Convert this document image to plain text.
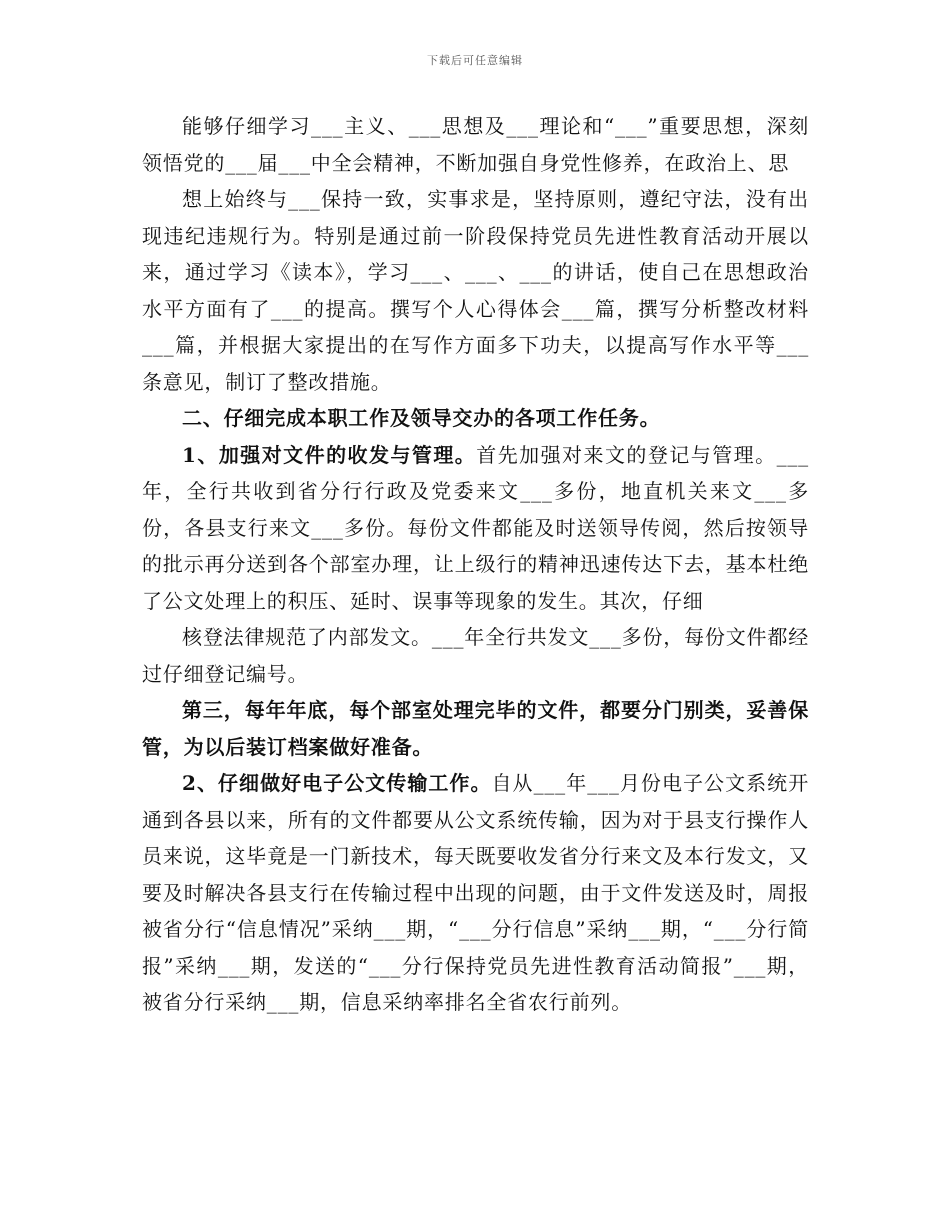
下载后可任意编辑

能够仔细学习___主义、___思想及___理论和“___”重要思想，深刻领悟党的___届___中全会精神，不断加强自身党性修养，在政治上、思

想上始终与___保持一致，实事求是，坚持原则，遵纪守法，没有出现违纪违规行为。特别是通过前一阶段保持党员先进性教育活动开展以来，通过学习《读本》，学习___、___、___的讲话，使自己在思想政治水平方面有了___的提高。撰写个人心得体会___篇，撰写分析整改材料___篇，并根据大家提出的在写作方面多下功夫，以提高写作水平等___条意见，制订了整改措施。

二、仔细完成本职工作及领导交办的各项工作任务。

1、加强对文件的收发与管理。首先加强对来文的登记与管理。___年，全行共收到省分行行政及党委来文___多份，地直机关来文___多份，各县支行来文___多份。每份文件都能及时送领导传阅，然后按领导的批示再分送到各个部室办理，让上级行的精神迅速传达下去，基本杜绝了公文处理上的积压、延时、误事等现象的发生。其次，仔细

核登法律规范了内部发文。___年全行共发文___多份，每份文件都经过仔细登记编号。

第三，每年年底，每个部室处理完毕的文件，都要分门别类，妥善保管，为以后装订档案做好准备。

2、仔细做好电子公文传输工作。自从___年___月份电子公文系统开通到各县以来，所有的文件都要从公文系统传输，因为对于县支行操作人员来说，这毕竟是一门新技术，每天既要收发省分行来文及本行发文，又要及时解决各县支行在传输过程中出现的问题，由于文件发送及时，周报被省分行“信息情况”采纳___期，“___分行信息”采纳___期，“___分行简报”采纳___期，发送的“___分行保持党员先进性教育活动简报”___期，被省分行采纳___期，信息采纳率排名全省农行前列。
